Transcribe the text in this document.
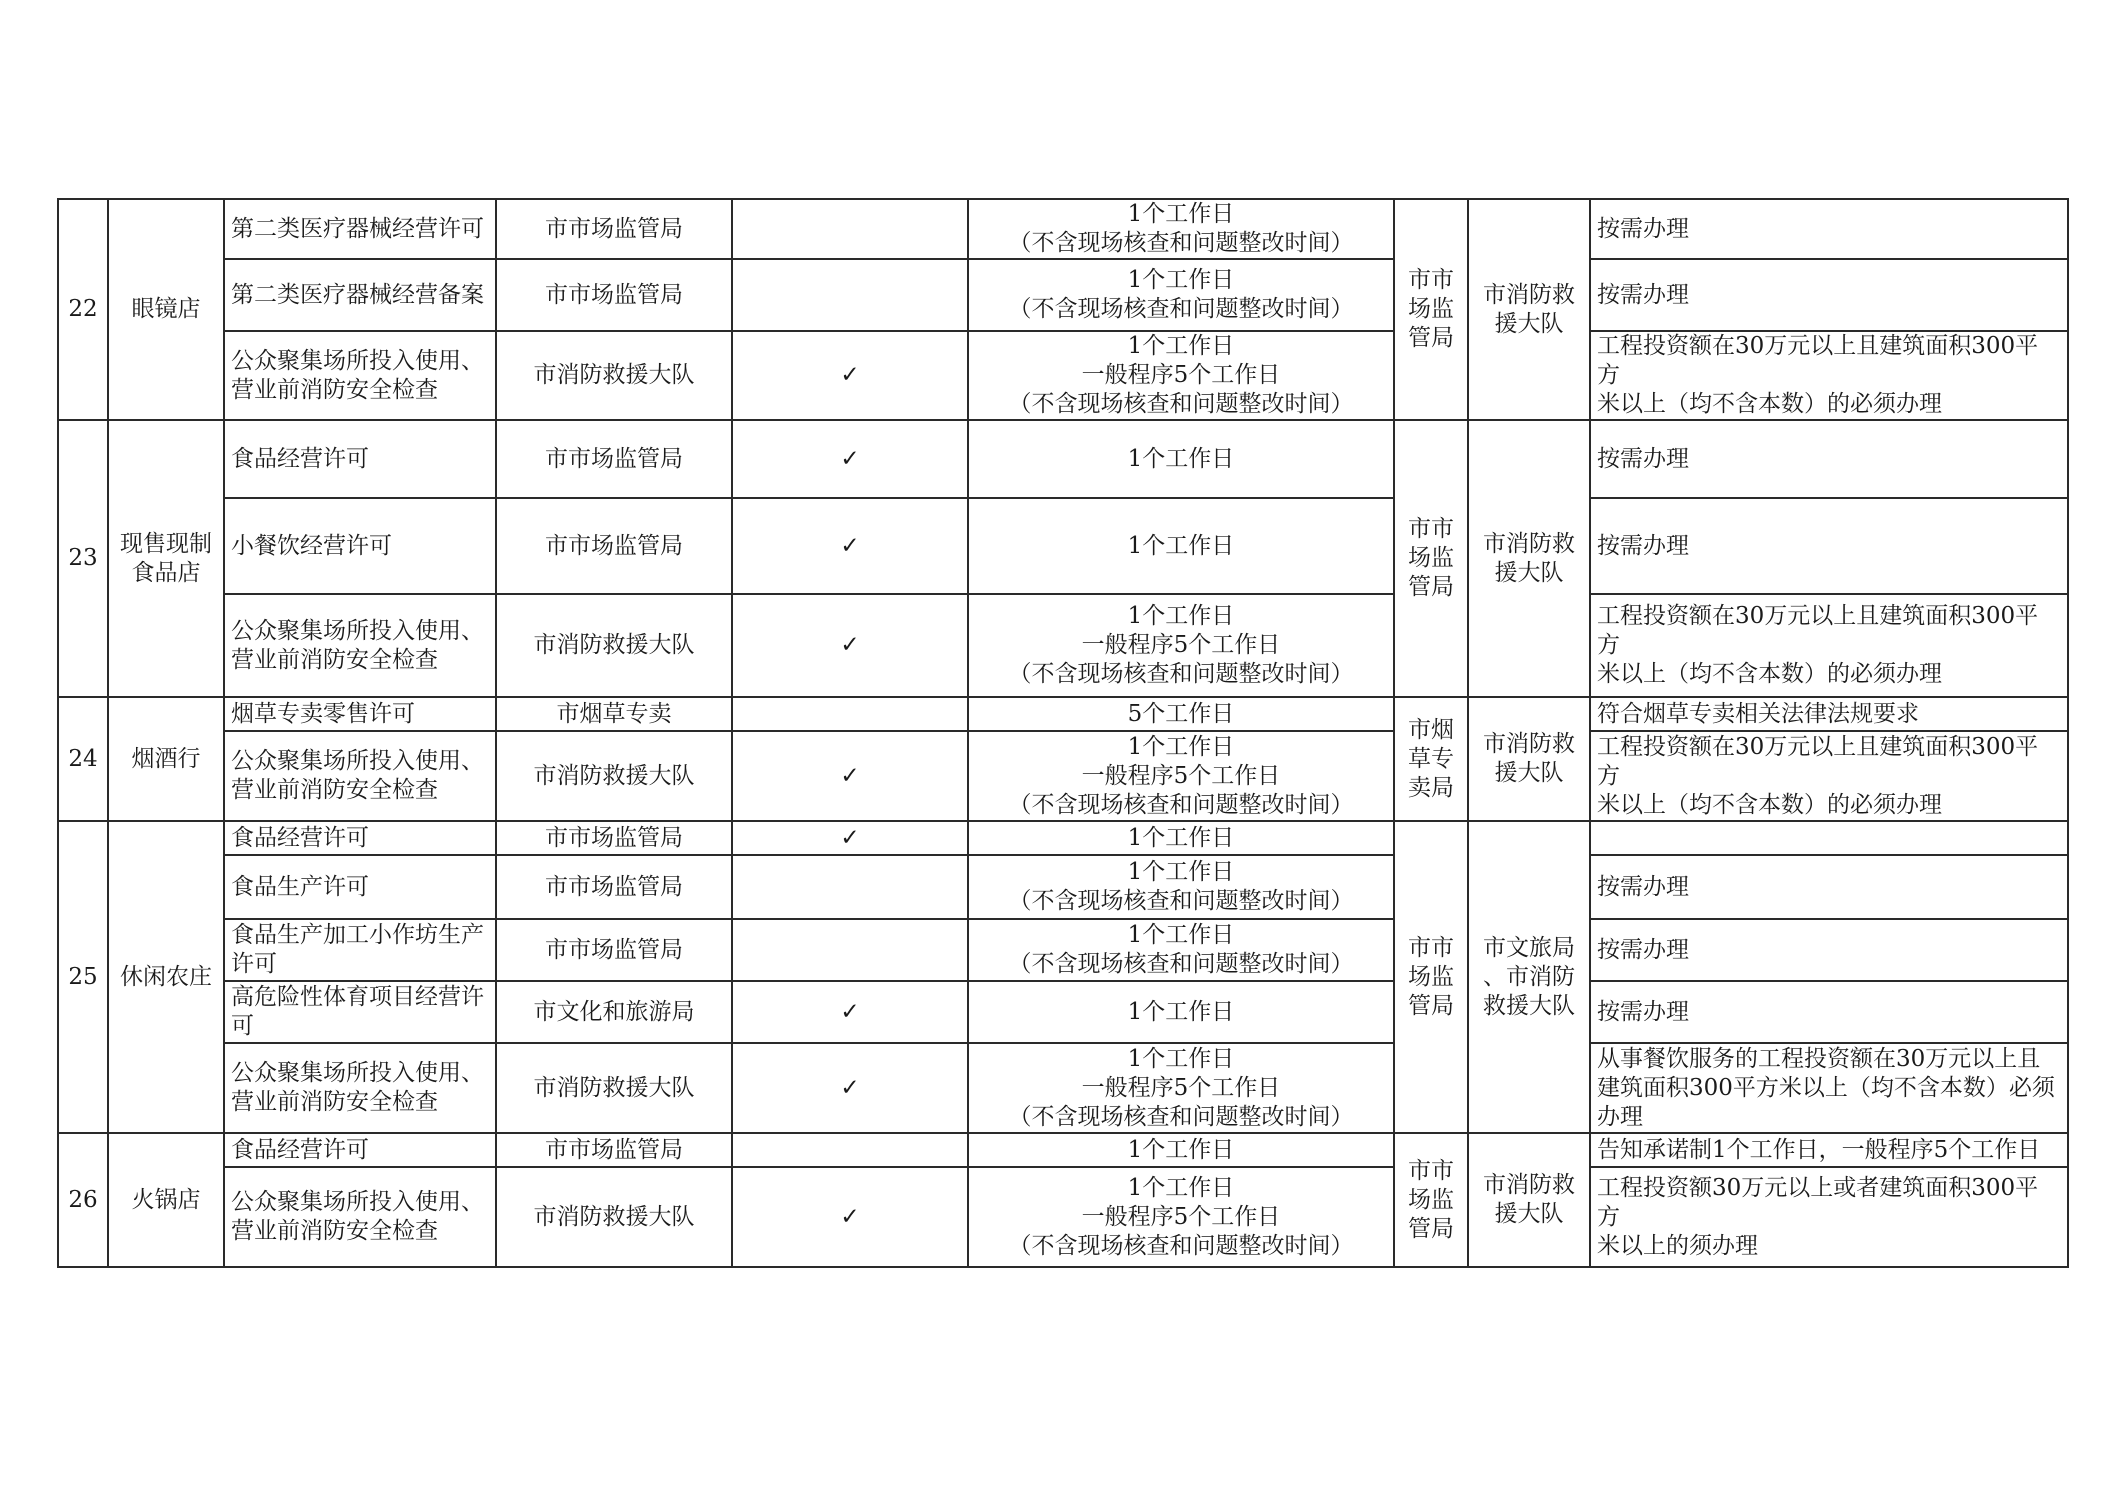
22	眼镜店	第二类医疗器械经营许可	市市场监管局		1个工作日
（不含现场核查和问题整改时间）	市市
场监
管局	市消防救
援大队	按需办理

		第二类医疗器械经营备案	市市场监管局		1个工作日
（不含现场核查和问题整改时间）			按需办理

		公众聚集场所投入使用、
营业前消防安全检查	市消防救援大队	✓	1个工作日
一般程序5个工作日
（不含现场核查和问题整改时间）			工程投资额在30万元以上且建筑面积300平方
米以上（均不含本数）的必须办理

23	现售现制
食品店	食品经营许可	市市场监管局	✓	1个工作日	市市
场监
管局	市消防救
援大队	按需办理

		小餐饮经营许可	市市场监管局	✓	1个工作日			按需办理

		公众聚集场所投入使用、
营业前消防安全检查	市消防救援大队	✓	1个工作日
一般程序5个工作日
（不含现场核查和问题整改时间）			工程投资额在30万元以上且建筑面积300平方
米以上（均不含本数）的必须办理

24	烟酒行	烟草专卖零售许可	市烟草专卖		5个工作日	市烟
草专
卖局	市消防救
援大队	符合烟草专卖相关法律法规要求

		公众聚集场所投入使用、
营业前消防安全检查	市消防救援大队	✓	1个工作日
一般程序5个工作日
（不含现场核查和问题整改时间）			工程投资额在30万元以上且建筑面积300平方
米以上（均不含本数）的必须办理

25	休闲农庄	食品经营许可	市市场监管局	✓	1个工作日	市市
场监
管局	市文旅局
、市消防
救援大队	

		食品生产许可	市市场监管局		1个工作日
（不含现场核查和问题整改时间）			按需办理

		食品生产加工小作坊生产
许可	市市场监管局		1个工作日
（不含现场核查和问题整改时间）			按需办理

		高危险性体育项目经营许
可	市文化和旅游局	✓	1个工作日			按需办理

		公众聚集场所投入使用、
营业前消防安全检查	市消防救援大队	✓	1个工作日
一般程序5个工作日
（不含现场核查和问题整改时间）			从事餐饮服务的工程投资额在30万元以上且
建筑面积300平方米以上（均不含本数）必须
办理

26	火锅店	食品经营许可	市市场监管局		1个工作日	市市
场监
管局	市消防救
援大队	告知承诺制1个工作日，一般程序5个工作日

		公众聚集场所投入使用、
营业前消防安全检查	市消防救援大队	✓	1个工作日
一般程序5个工作日
（不含现场核查和问题整改时间）			工程投资额30万元以上或者建筑面积300平方
米以上的须办理
